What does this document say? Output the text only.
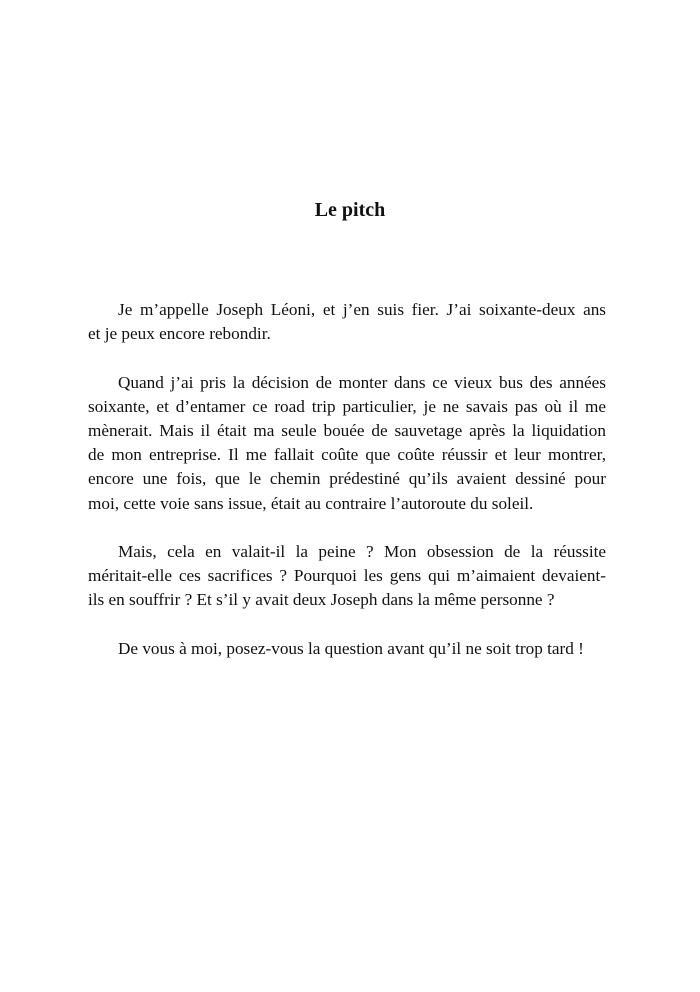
Le pitch
Je m’appelle Joseph Léoni, et j’en suis fier. J’ai soixante-deux ans
et je peux encore rebondir.
Quand j’ai pris la décision de monter dans ce vieux bus des années
soixante, et d’entamer ce road trip particulier, je ne savais pas où il me
mènerait. Mais il était ma seule bouée de sauvetage après la liquidation
de mon entreprise. Il me fallait coûte que coûte réussir et leur montrer,
encore une fois, que le chemin prédestiné qu’ils avaient dessiné pour
moi, cette voie sans issue, était au contraire l’autoroute du soleil.
Mais, cela en valait-il la peine ? Mon obsession de la réussite
méritait-elle ces sacrifices ? Pourquoi les gens qui m’aimaient devaient-
ils en souffrir ? Et s’il y avait deux Joseph dans la même personne ?
De vous à moi, posez-vous la question avant qu’il ne soit trop tard !
